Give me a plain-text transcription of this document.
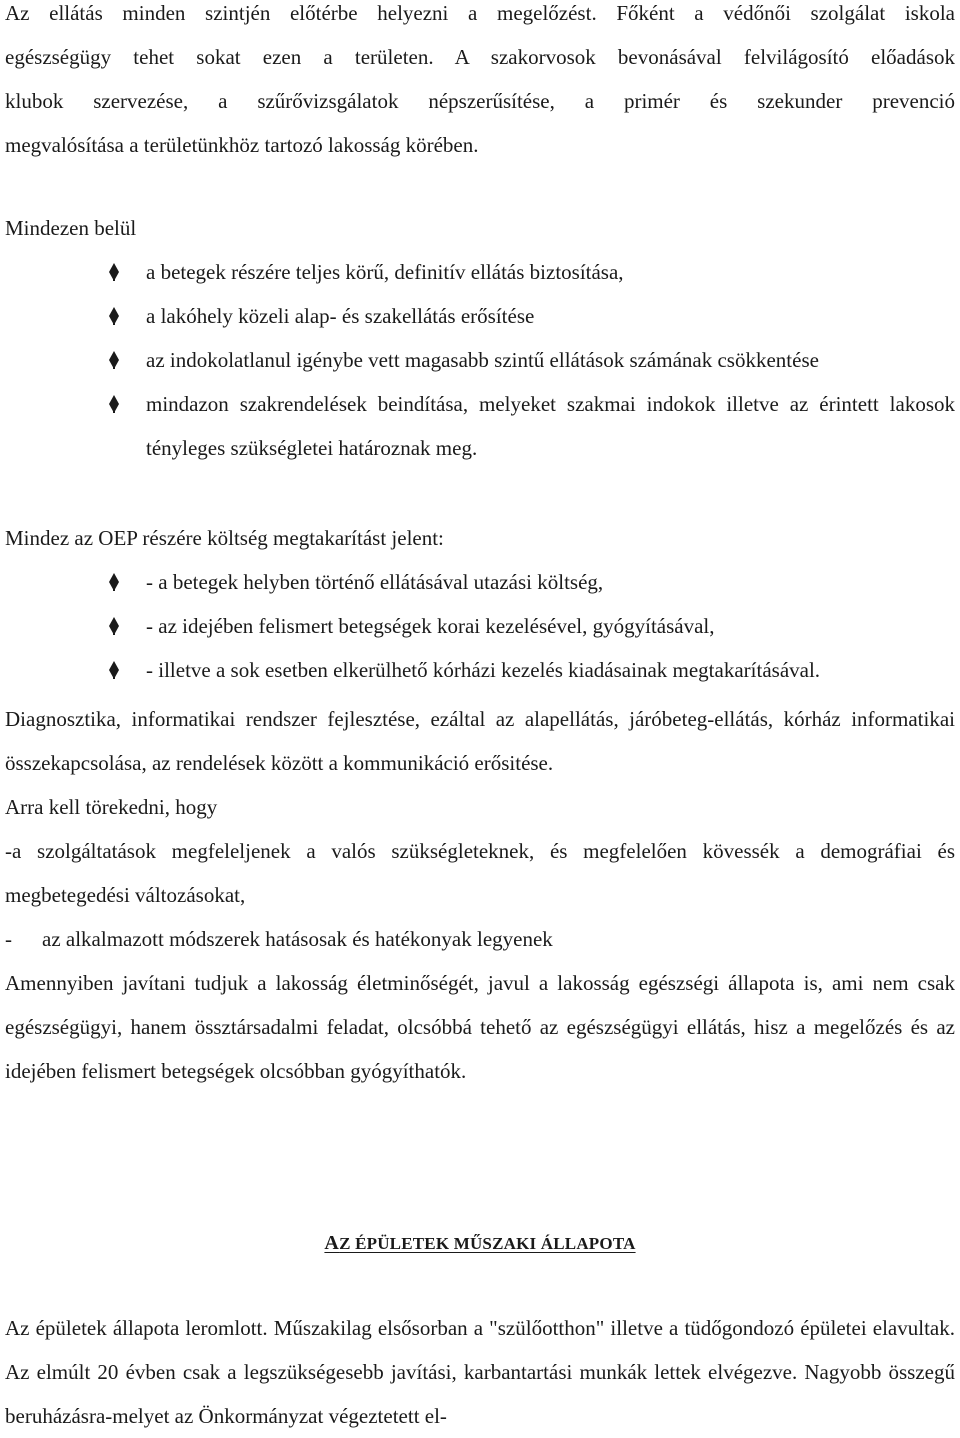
Az ellátás minden szintjén előtérbe helyezni a megelőzést. Főként a védőnői szolgálat iskola
egészségügy tehet sokat ezen a területen. A szakorvosok bevonásával felvilágosító előadások
klubok szervezése, a szűrővizsgálatok népszerűsítése, a primér és szekunder prevenció
megvalósítása a területünkhöz tartozó lakosság körében.
Mindezen belül
a betegek részére teljes körű, definitív ellátás biztosítása,
a lakóhely közeli alap- és szakellátás erősítése
az indokolatlanul igénybe vett magasabb szintű ellátások számának csökkentése
mindazon szakrendelések beindítása, melyeket szakmai indokok illetve az érintett lakosok tényleges szükségletei határoznak meg.
Mindez az OEP részére költség megtakarítást jelent:
- a betegek helyben történő ellátásával utazási költség,
- az idejében felismert betegségek korai kezelésével, gyógyításával,
- illetve a sok esetben elkerülhető kórházi kezelés kiadásainak megtakarításával.
Diagnosztika, informatikai rendszer fejlesztése, ezáltal az alapellátás, járóbeteg-ellátás, kórház informatikai összekapcsolása, az rendelések között a kommunikáció erősitése.
Arra kell törekedni, hogy
-a szolgáltatások megfeleljenek a valós szükségleteknek, és megfelelően kövessék a demográfiai és megbetegedési változásokat,
- az alkalmazott módszerek hatásosak és hatékonyak legyenek
Amennyiben javítani tudjuk a lakosság életminőségét, javul a lakosság egészségi állapota is, ami nem csak egészségügyi, hanem össztársadalmi feladat, olcsóbbá tehető az egészségügyi ellátás, hisz a megelőzés és az idejében felismert betegségek olcsóbban gyógyíthatók.
AZ ÉPÜLETEK MŰSZAKI ÁLLAPOTA
Az épületek állapota leromlott. Műszakilag elsősorban a "szülőotthon" illetve a tüdőgondozó épületei elavultak. Az elmúlt 20 évben csak a legszükségesebb javítási, karbantartási munkák lettek elvégezve. Nagyobb összegű beruházásra-melyet az Önkormányzat végeztetett el-
